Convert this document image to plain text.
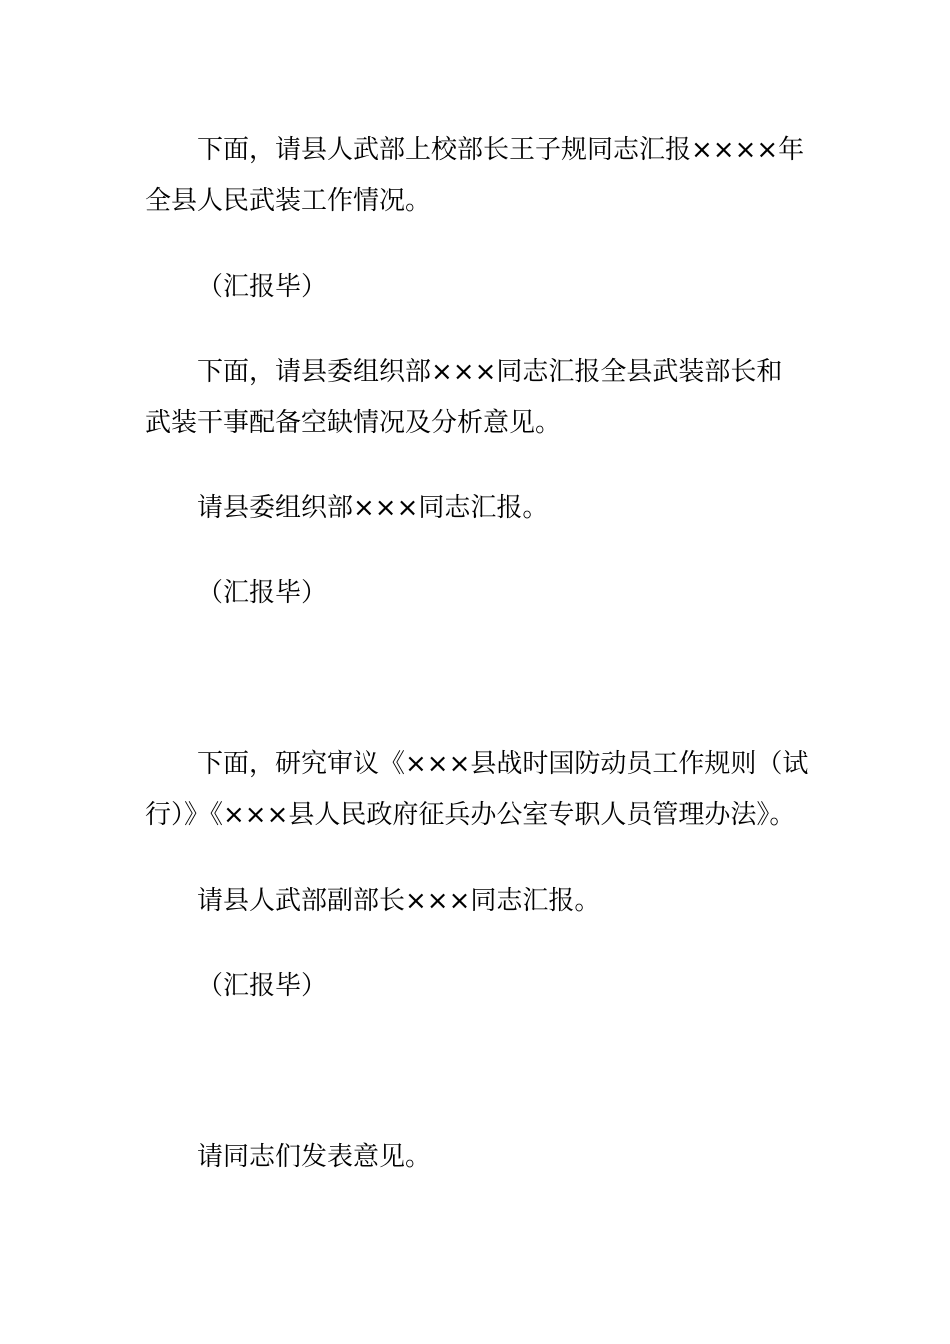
下面，请县人武部上校部长王子规同志汇报××××年全县人民武装工作情况。

（汇报毕）

下面，请县委组织部×××同志汇报全县武装部长和武装干事配备空缺情况及分析意见。

请县委组织部×××同志汇报。

（汇报毕）

下面，研究审议《×××县战时国防动员工作规则（试行）》《×××县人民政府征兵办公室专职人员管理办法》。

请县人武部副部长×××同志汇报。

（汇报毕）

请同志们发表意见。
